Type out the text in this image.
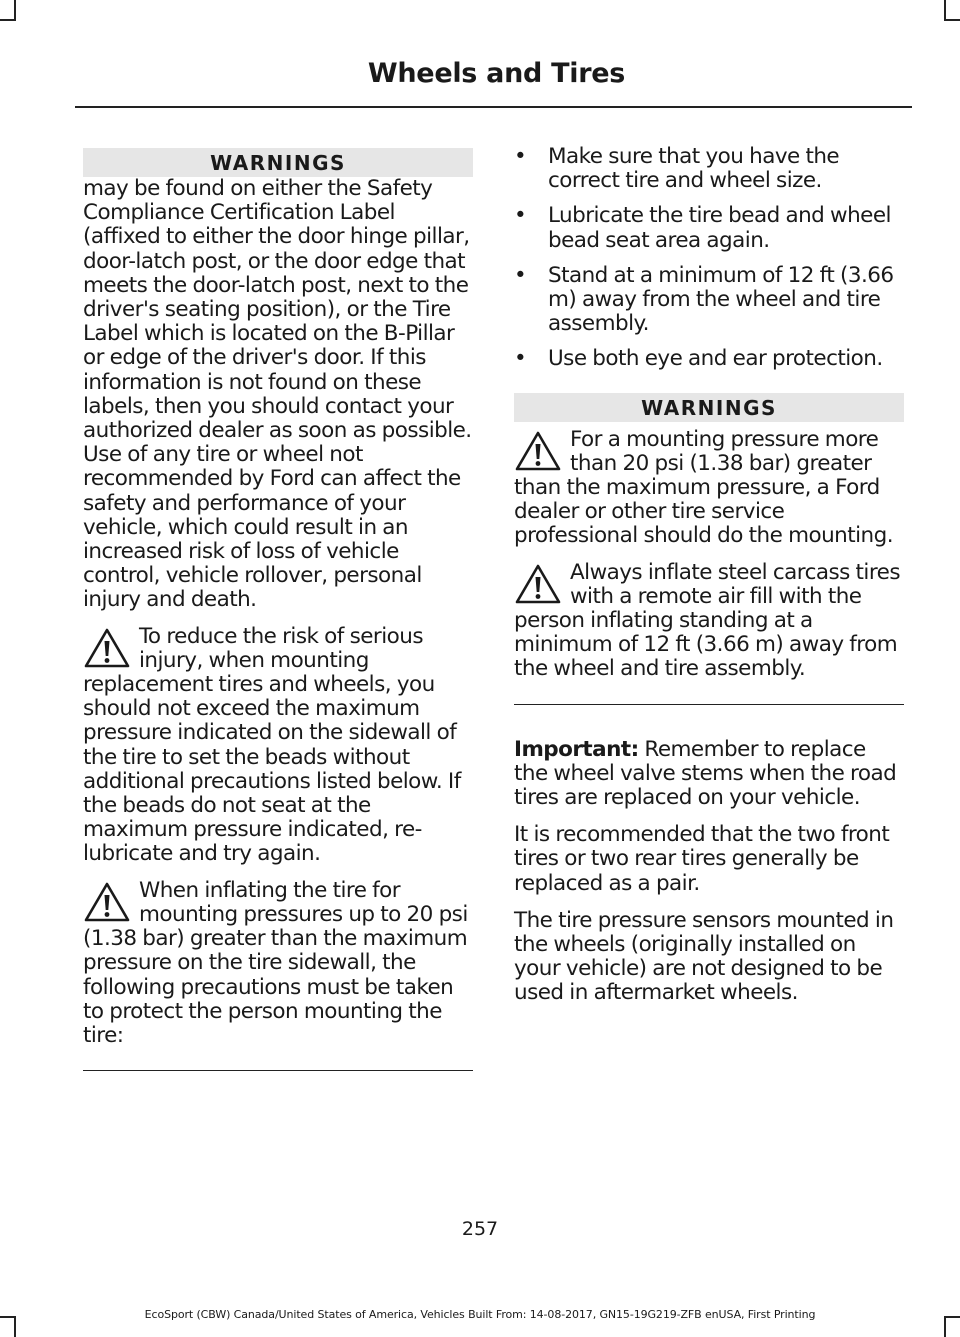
Wheels and Tires
WARNINGS

may be found on either the Safety Compliance Certification Label (affixed to either the door hinge pillar, door-latch post, or the door edge that meets the door-latch post, next to the driver's seating position), or the Tire Label which is located on the B-Pillar or edge of the driver's door. If this information is not found on these labels, then you should contact your authorized dealer as soon as possible. Use of any tire or wheel not recommended by Ford can affect the safety and performance of your vehicle, which could result in an increased risk of loss of vehicle control, vehicle rollover, personal injury and death.

To reduce the risk of serious injury, when mounting replacement tires and wheels, you should not exceed the maximum pressure indicated on the sidewall of the tire to set the beads without additional precautions listed below. If the beads do not seat at the maximum pressure indicated, re-lubricate and try again.

When inflating the tire for mounting pressures up to 20 psi (1.38 bar) greater than the maximum pressure on the tire sidewall, the following precautions must be taken to protect the person mounting the tire:

• Make sure that you have the correct tire and wheel size.
• Lubricate the tire bead and wheel bead seat area again.
• Stand at a minimum of 12 ft (3.66 m) away from the wheel and tire assembly.
• Use both eye and ear protection.
WARNINGS

For a mounting pressure more than 20 psi (1.38 bar) greater than the maximum pressure, a Ford dealer or other tire service professional should do the mounting.

Always inflate steel carcass tires with a remote air fill with the person inflating standing at a minimum of 12 ft (3.66 m) away from the wheel and tire assembly.

Important: Remember to replace the wheel valve stems when the road tires are replaced on your vehicle.

It is recommended that the two front tires or two rear tires generally be replaced as a pair.

The tire pressure sensors mounted in the wheels (originally installed on your vehicle) are not designed to be used in aftermarket wheels.

257
EcoSport (CBW) Canada/United States of America, Vehicles Built From: 14-08-2017, GN15-19G219-ZFB enUSA, First Printing
